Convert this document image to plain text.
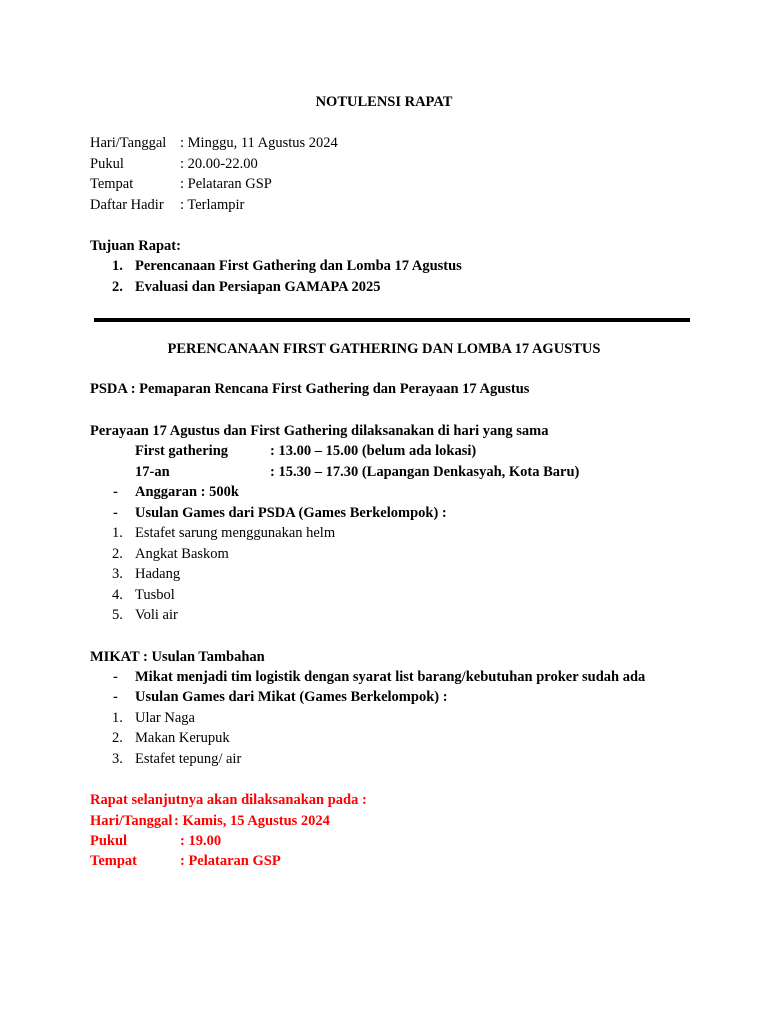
NOTULENSI RAPAT
Hari/Tanggal : Minggu, 11 Agustus 2024
Pukul	: 20.00-22.00
Tempat	: Pelataran GSP
Daftar Hadir : Terlampir
Tujuan Rapat:
1. Perencanaan First Gathering dan Lomba 17 Agustus
2. Evaluasi dan Persiapan GAMAPA 2025
PERENCANAAN FIRST GATHERING DAN LOMBA 17 AGUSTUS
PSDA : Pemaparan Rencana First Gathering dan Perayaan 17 Agustus
Perayaan 17 Agustus dan First Gathering dilaksanakan di hari yang sama
First gathering	: 13.00 – 15.00 (belum ada lokasi)
17-an	: 15.30 – 17.30 (Lapangan Denkasyah, Kota Baru)
- Anggaran : 500k
- Usulan Games dari PSDA (Games Berkelompok) :
1. Estafet sarung menggunakan helm
2. Angkat Baskom
3. Hadang
4. Tusbol
5. Voli air
MIKAT : Usulan Tambahan
- Mikat menjadi tim logistik dengan syarat list barang/kebutuhan proker sudah ada
- Usulan Games dari Mikat (Games Berkelompok) :
1. Ular Naga
2. Makan Kerupuk
3. Estafet tepung/ air
Rapat selanjutnya akan dilaksanakan pada :
Hari/Tanggal : Kamis, 15 Agustus 2024
Pukul	: 19.00
Tempat	: Pelataran GSP
